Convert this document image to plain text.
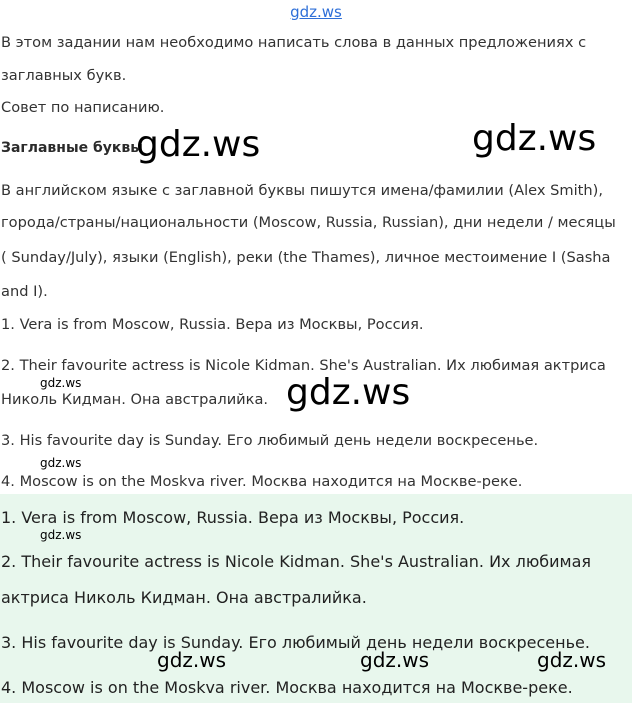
gdz.ws
В этом задании нам необходимо написать слова в данных предложениях с
заглавных букв.
Совет по написанию.
Заглавные буквы
В английском языке с заглавной буквы пишутся имена/фамилии (Alex Smith),
города/страны/национальности (Moscow, Russia, Russian), дни недели / месяцы
( Sunday/July), языки (English), реки (the Thames), личное местоимение I (Sasha
and I).
1. Vera is from Moscow, Russia. Вера из Москвы, Россия.
2. Their favourite actress is Nicole Kidman. She's Australian. Их любимая актриса
Николь Кидман. Она австралийка.
3. His favourite day is Sunday. Его любимый день недели воскресенье.
4. Moscow is on the Moskva river. Москва находится на Москве-реке.
1. Vera is from Moscow, Russia. Вера из Москвы, Россия.
2. Their favourite actress is Nicole Kidman. She's Australian. Их любимая
актриса Николь Кидман. Она австралийка.
3. His favourite day is Sunday. Его любимый день недели воскресенье.
4. Moscow is on the Moskva river. Москва находится на Москве-реке.
gdz.ws	gdz.ws
gdz.ws
gdz.ws
gdz.ws
gdz.ws
gdz.ws	gdz.ws	gdz.ws
